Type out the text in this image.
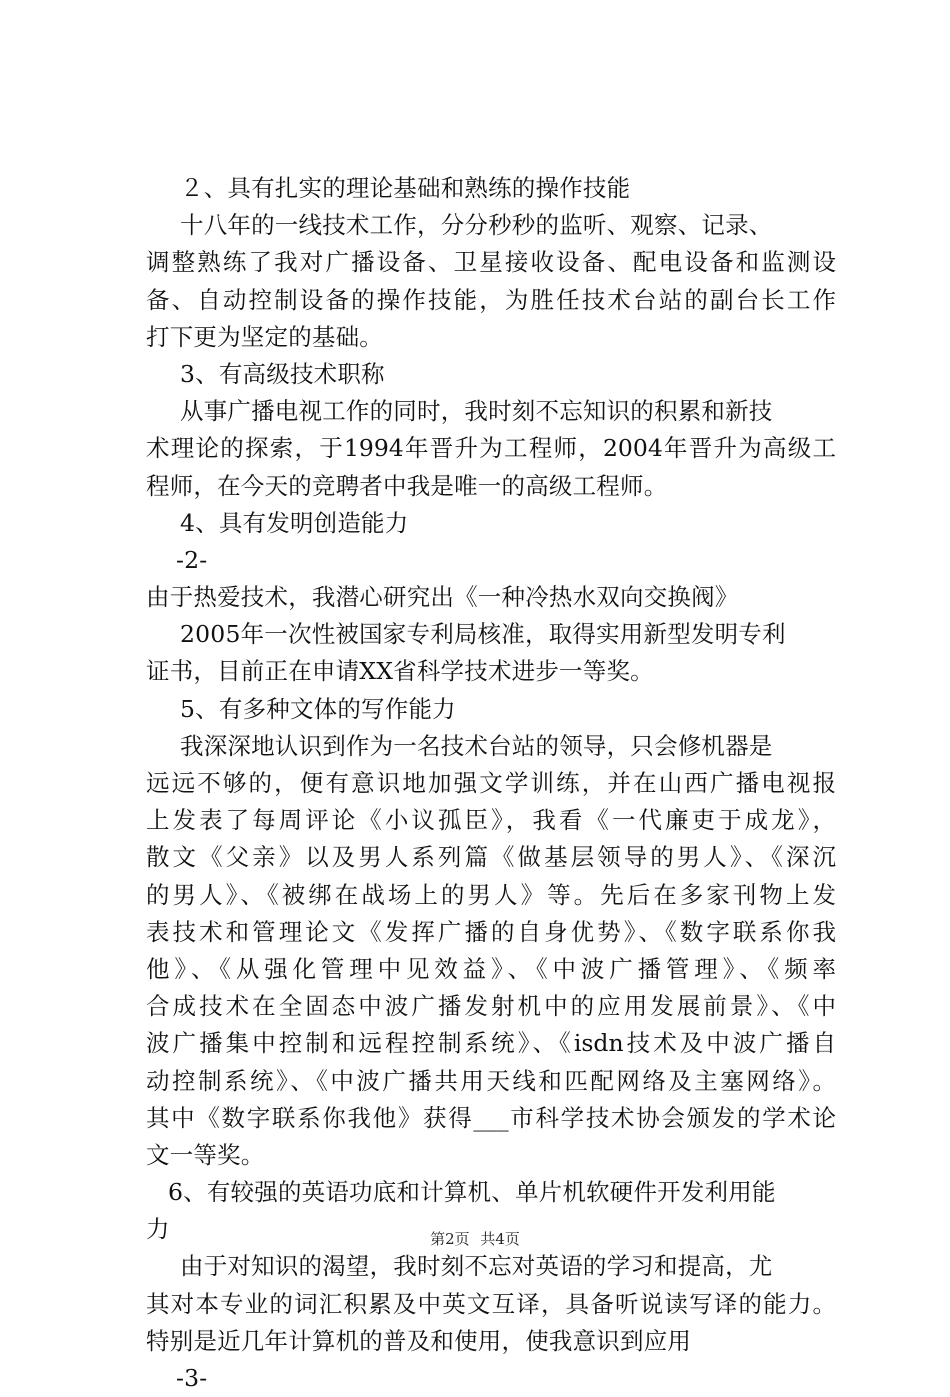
２、具有扎实的理论基础和熟练的操作技能
十八年的一线技术工作，分分秒秒的监听、观察、记录、
调整熟练了我对广播设备、卫星接收设备、配电设备和监测设
备、自动控制设备的操作技能，为胜任技术台站的副台长工作
打下更为坚定的基础。
3、有高级技术职称
从事广播电视工作的同时，我时刻不忘知识的积累和新技
术理论的探索，于1994年晋升为工程师，2004年晋升为高级工
程师，在今天的竞聘者中我是唯一的高级工程师。
4、具有发明创造能力
-2-
由于热爱技术，我潜心研究出《一种冷热水双向交换阀》
2005年一次性被国家专利局核准，取得实用新型发明专利
证书，目前正在申请XX省科学技术进步一等奖。
5、有多种文体的写作能力
我深深地认识到作为一名技术台站的领导，只会修机器是
远远不够的，便有意识地加强文学训练，并在山西广播电视报
上发表了每周评论《小议孤臣》，我看《一代廉吏于成龙》，
散文《父亲》以及男人系列篇《做基层领导的男人》、《深沉
的男人》、《被绑在战场上的男人》等。先后在多家刊物上发
表技术和管理论文《发挥广播的自身优势》、《数字联系你我
他》、《从强化管理中见效益》、《中波广播管理》、《频率
合成技术在全固态中波广播发射机中的应用发展前景》、《中
波广播集中控制和远程控制系统》、《isdn技术及中波广播自
动控制系统》、《中波广播共用天线和匹配网络及主塞网络》。
其中《数字联系你我他》获得___市科学技术协会颁发的学术论
文一等奖。
6、有较强的英语功底和计算机、单片机软硬件开发利用能
力
由于对知识的渴望，我时刻不忘对英语的学习和提高，尤
其对本专业的词汇积累及中英文互译，具备听说读写译的能力。
特别是近几年计算机的普及和使用，使我意识到应用
-3-
第2页 共4页
